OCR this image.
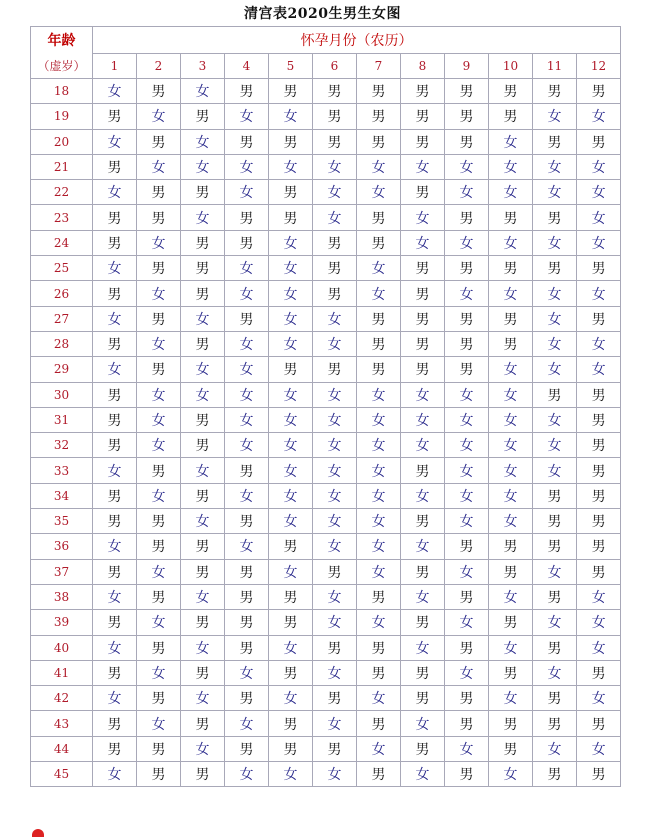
清宫表2020生男生女图
年龄	怀孕月份（农历）											
（虚岁）	1	2	3	4	5	6	7	8	9	10	11	12
18	女	男	女	男	男	男	男	男	男	男	男	男
19	男	女	男	女	女	男	男	男	男	男	女	女
20	女	男	女	男	男	男	男	男	男	女	男	男
21	男	女	女	女	女	女	女	女	女	女	女	女
22	女	男	男	女	男	女	女	男	女	女	女	女
23	男	男	女	男	男	女	男	女	男	男	男	女
24	男	女	男	男	女	男	男	女	女	女	女	女
25	女	男	男	女	女	男	女	男	男	男	男	男
26	男	女	男	女	女	男	女	男	女	女	女	女
27	女	男	女	男	女	女	男	男	男	男	女	男
28	男	女	男	女	女	女	男	男	男	男	女	女
29	女	男	女	女	男	男	男	男	男	女	女	女
30	男	女	女	女	女	女	女	女	女	女	男	男
31	男	女	男	女	女	女	女	女	女	女	女	男
32	男	女	男	女	女	女	女	女	女	女	女	男
33	女	男	女	男	女	女	女	男	女	女	女	男
34	男	女	男	女	女	女	女	女	女	女	男	男
35	男	男	女	男	女	女	女	男	女	女	男	男
36	女	男	男	女	男	女	女	女	男	男	男	男
37	男	女	男	男	女	男	女	男	女	男	女	男
38	女	男	女	男	男	女	男	女	男	女	男	女
39	男	女	男	男	男	女	女	男	女	男	女	女
40	女	男	女	男	女	男	男	女	男	女	男	女
41	男	女	男	女	男	女	男	男	女	男	女	男
42	女	男	女	男	女	男	女	男	男	女	男	女
43	男	女	男	女	男	女	男	女	男	男	男	男
44	男	男	女	男	男	男	女	男	女	男	女	女
45	女	男	男	女	女	女	男	女	男	女	男	男
